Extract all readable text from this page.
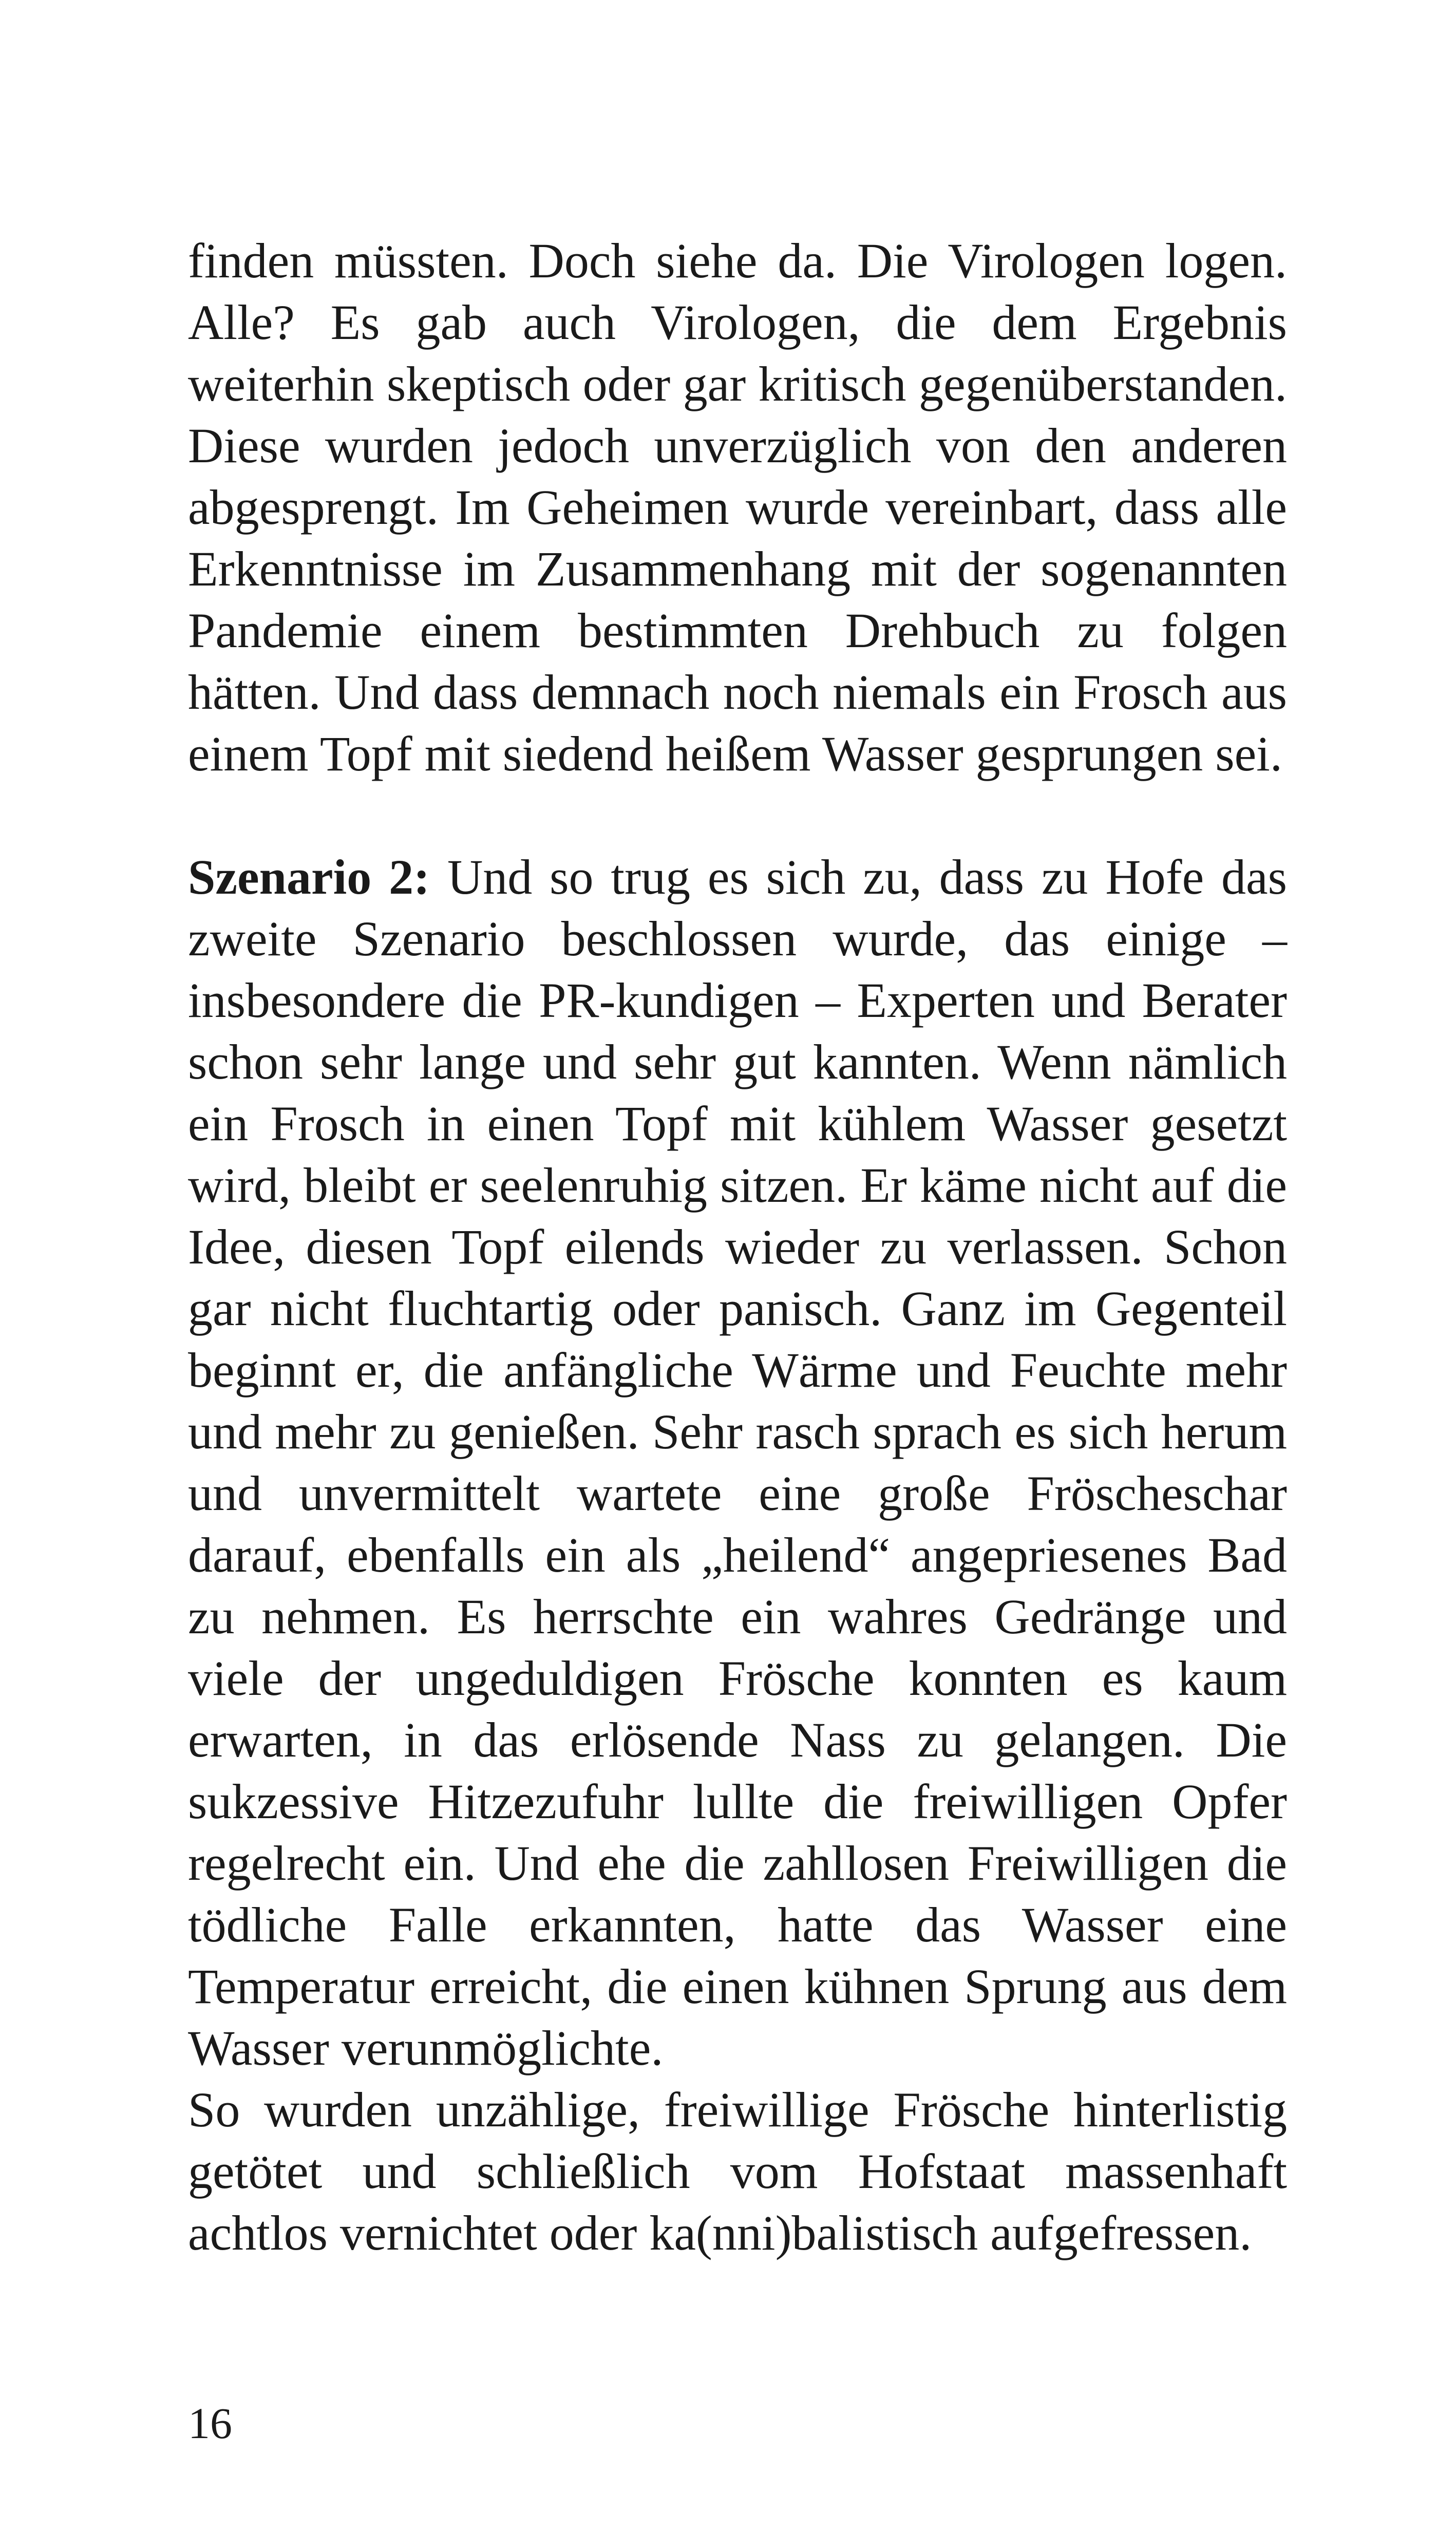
finden müssten. Doch siehe da. Die Virologen logen. Alle? Es gab auch Virologen, die dem Ergebnis weiterhin skeptisch oder gar kritisch gegenüberstanden. Diese wurden jedoch unverzüglich von den anderen abgesprengt. Im Geheimen wurde vereinbart, dass alle Erkenntnisse im Zusammenhang mit der sogenannten Pandemie einem bestimmten Drehbuch zu folgen hätten. Und dass demnach noch niemals ein Frosch aus einem Topf mit siedend heißem Wasser gesprungen sei.

Szenario 2: Und so trug es sich zu, dass zu Hofe das zweite Szenario beschlossen wurde, das einige – insbesondere die PR-kundigen – Experten und Berater schon sehr lange und sehr gut kannten. Wenn nämlich ein Frosch in einen Topf mit kühlem Wasser gesetzt wird, bleibt er seelenruhig sitzen. Er käme nicht auf die Idee, diesen Topf eilends wieder zu verlassen. Schon gar nicht fluchtartig oder panisch. Ganz im Gegenteil beginnt er, die anfängliche Wärme und Feuchte mehr und mehr zu genießen. Sehr rasch sprach es sich herum und unvermittelt wartete eine große Fröscheschar darauf, ebenfalls ein als „heilend“ angepriesenes Bad zu nehmen. Es herrschte ein wahres Gedränge und viele der ungeduldigen Frösche konnten es kaum erwarten, in das erlösende Nass zu gelangen. Die sukzessive Hitzezufuhr lullte die freiwilligen Opfer regelrecht ein. Und ehe die zahllosen Freiwilligen die tödliche Falle erkannten, hatte das Wasser eine Temperatur erreicht, die einen kühnen Sprung aus dem Wasser verunmöglichte.

So wurden unzählige, freiwillige Frösche hinterlistig getötet und schließlich vom Hofstaat massenhaft achtlos vernichtet oder ka(nni)balistisch aufgefressen.

16
